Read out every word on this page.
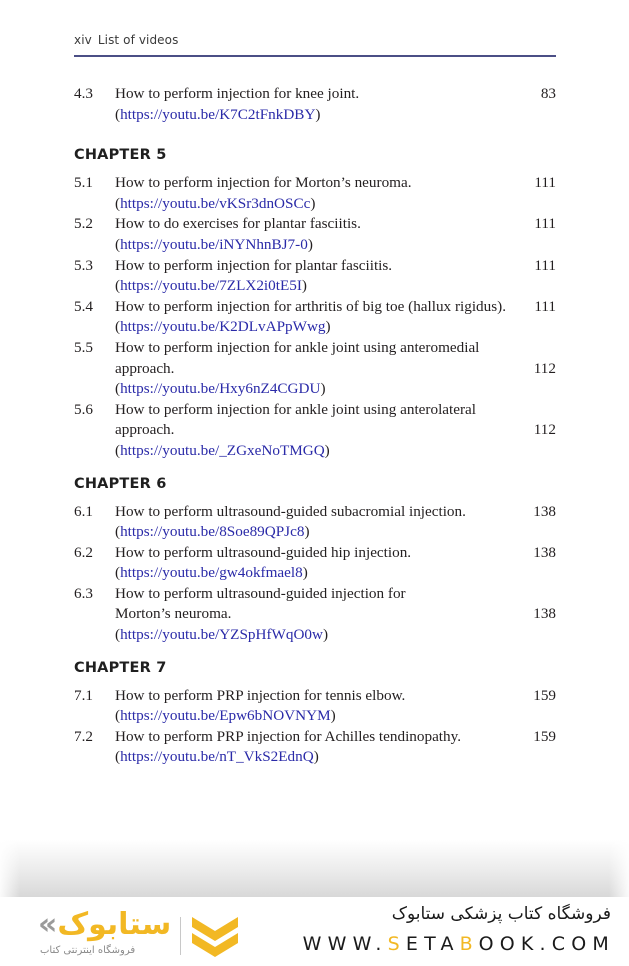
xiv List of videos
4.3	How to perform injection for knee joint.	83
(https://youtu.be/K7C2tFnkDBY)
CHAPTER 5
5.1	How to perform injection for Morton’s neuroma.	111
(https://youtu.be/vKSr3dnOSCc)
5.2	How to do exercises for plantar fasciitis.	111
(https://youtu.be/iNYNhnBJ7-0)
5.3	How to perform injection for plantar fasciitis.	111
(https://youtu.be/7ZLX2i0tE5I)
5.4	How to perform injection for arthritis of big toe (hallux rigidus).	111
(https://youtu.be/K2DLvAPpWwg)
5.5	How to perform injection for ankle joint using anteromedial
approach.	112
(https://youtu.be/Hxy6nZ4CGDU)
5.6	How to perform injection for ankle joint using anterolateral
approach.	112
(https://youtu.be/_ZGxeNoTMGQ)
CHAPTER 6
6.1	How to perform ultrasound-guided subacromial injection.	138
(https://youtu.be/8Soe89QPJc8)
6.2	How to perform ultrasound-guided hip injection.	138
(https://youtu.be/gw4okfmael8)
6.3	How to perform ultrasound-guided injection for
Morton’s neuroma.	138
(https://youtu.be/YZSpHfWqO0w)
CHAPTER 7
7.1	How to perform PRP injection for tennis elbow.	159
(https://youtu.be/Epw6bNOVNYM)
7.2	How to perform PRP injection for Achilles tendinopathy.	159
(https://youtu.be/nT_VkS2EdnQ)
«ستابوک
فروشگاه اینترنتی کتاب
فروشگاه کتاب پزشکی ستابوک
WWW.SETABOOK.COM
